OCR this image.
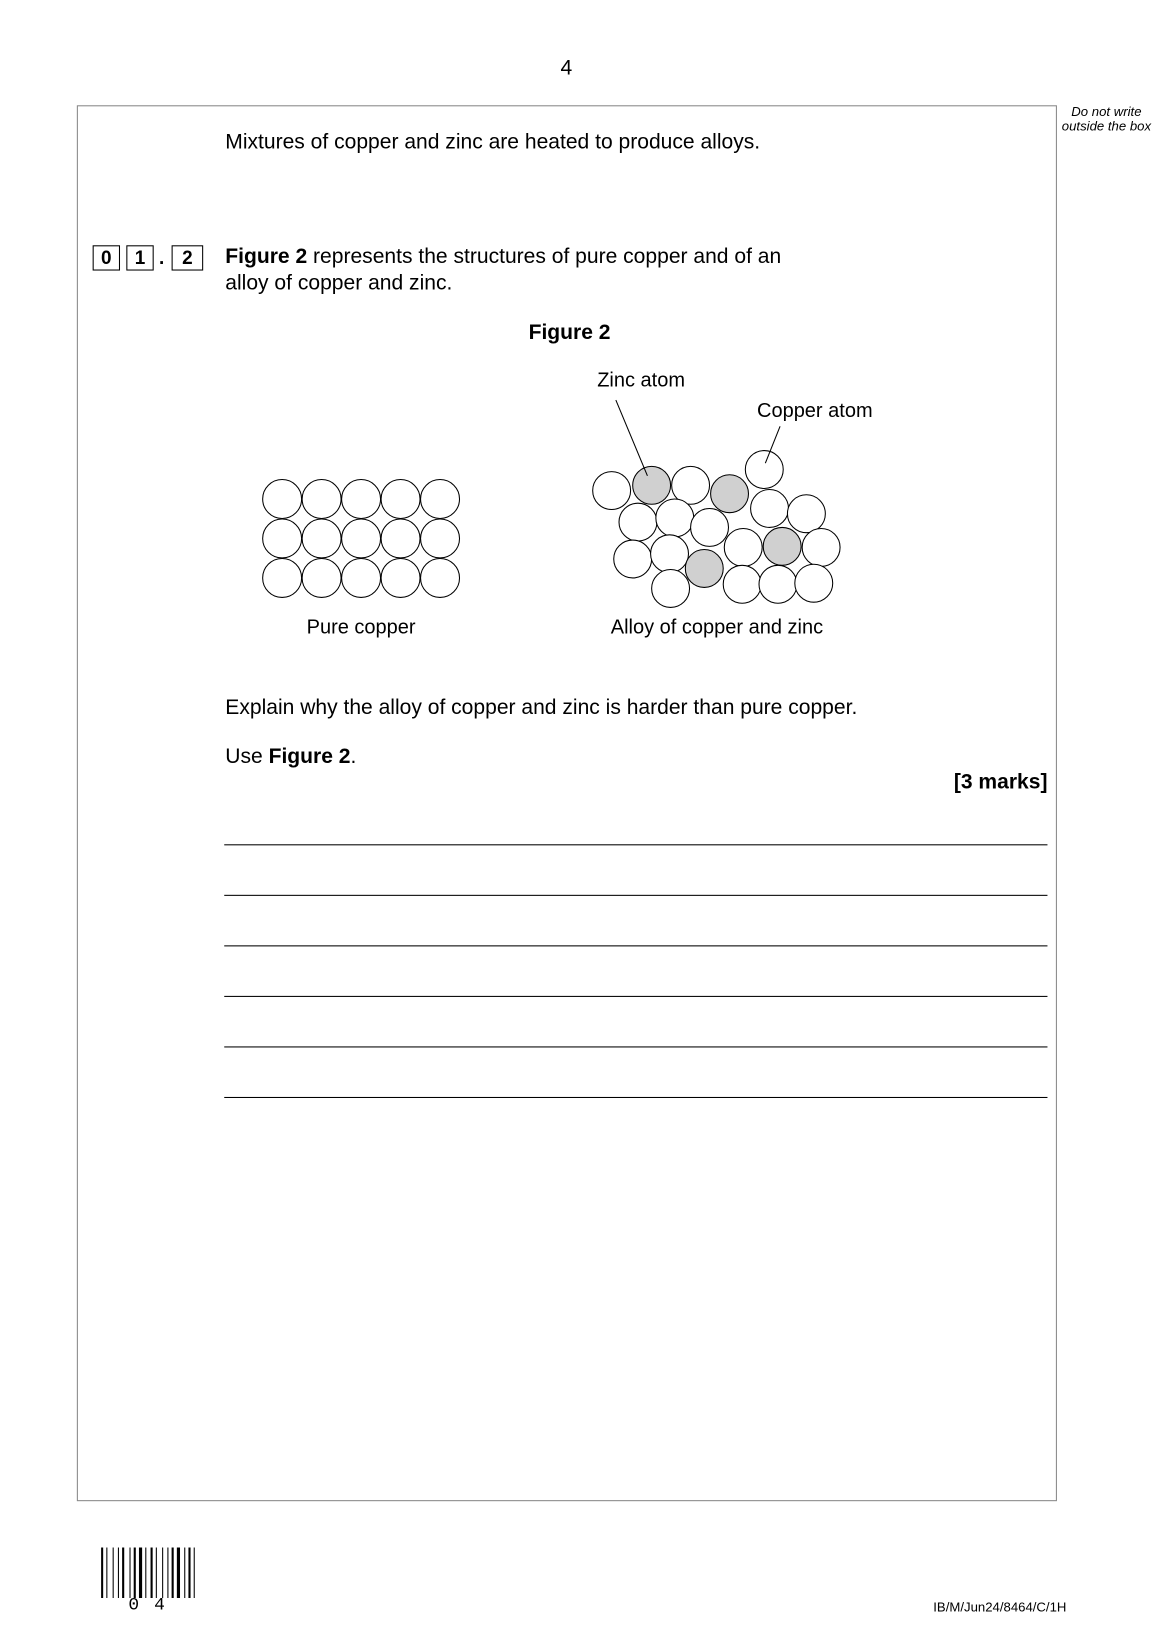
4
Do not write outside the box
Mixtures of copper and zinc are heated to produce alloys.
0	1 . 2	Figure 2 represents the structures of pure copper and of an
alloy of copper and zinc.
Figure 2
Zinc atom
Copper atom
Pure copper	Alloy of copper and zinc
Explain why the alloy of copper and zinc is harder than pure copper.
Use Figure 2.
[3 marks]
0 4	IB/M/Jun24/8464/C/1H
